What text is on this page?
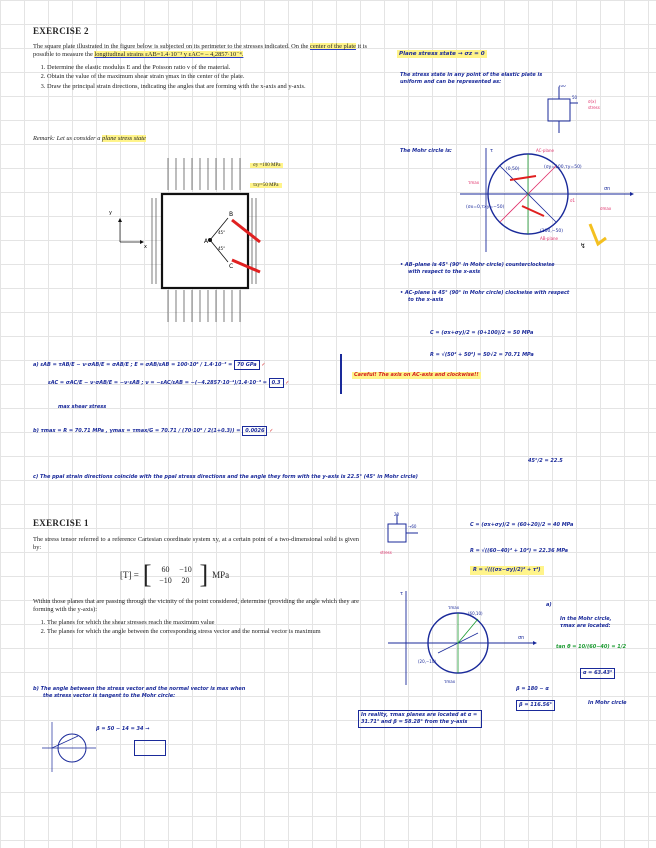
EXERCISE 2
The square plate illustrated in the figure below is subjected on its perimeter to the stresses indicated. On the center of the plate it is possible to measure the longitudinal strains εAB=1.4·10⁻³ y εAC= – 4,2857·10⁻⁴.
1. Determine the elastic modulus E and the Poisson ratio ν of the material.
2. Obtain the value of the maximum shear strain γmax in the center of the plate.
3. Draw the principal strain directions, indicating the angles that are forming with the x-axis and y-axis.
Remark: Let us consider a plane stress state
A
B
C
45°
45°
x
y
σy =100 MPa
τxy=50 MPa
Plane stress state → σz = 0
The stress state in any point of the elastic plate is
uniform and can be represented as:
50
100
σ(x)
stress
The Mohr circle is:
(0,50)	(σy=100,τy=50)
(σx=0,τxy=−50)
(100,−50)
σn
τ	AC-plane
AB-plane
τmax
σ1
σmax
↯
• AB-plane is 45° (90° in Mohr circle) counterclockwise
with respect to the x-axis
• AC-plane is 45° (90° in Mohr circle) clockwise with respect
to the x-axis
C = (σx+σy)/2 = (0+100)/2 = 50 MPa
R = √(50² + 50²) = 50√2 = 70.71 MPa
a) εAB = τAB/E − ν·σAB/E = σAB/E ; E = σAB/εAB = 100·10⁶ / 1.4·10⁻³ = 70 GPa ✓
εAC = σAC/E − ν·σAB/E = −ν·εAB ; ν = −εAC/εAB = −(−4.2857·10⁻⁴)/1.4·10⁻³ = 0.3 ✓
Careful! The axis on AC-axis and clockwise!!
max shear stress
b) τmax = R = 70.71 MPa , γmax = τmax/G = 70.71 / (70·10⁹ / 2(1+0.3)) = 0.0026 ✓
45°/2 = 22.5
c) The ppal strain directions coincide with the ppal stress directions and the angle they form with the y-axis is 22.5° (45° in Mohr circle)
EXERCISE 1
The stress tensor referred to a reference Cartesian coordinate system xy, at a certain point of a two-dimensional solid is given by:
[T] = [	60	−10
−10	20 ] MPa
Within those planes that are passing through the vicinity of the point considered, determine (providing the angle which they are forming with the y-axis):
1. The planes for which the shear stresses reach the maximum value
2. The planes for which the angle between the corresponding stress vector and the normal vector is maximum
→60
20
stress
C = (σx+σy)/2 = (60+20)/2 = 40 MPa
R = √((60−40)² + 10²) = 22.36 MPa
R = √(((σx−σy)/2)² + τ²)
(60,10)
(20,−10)
τmax
τmax
σn
τ
a)
In the Mohr circle,
τmax are located:
tan θ = 10/(60−40) = 1/2
α = 63.43°
β = 180 − α
β = 116.56°	In Mohr circle
In reality, τmax planes are located at α = 31.71° and β = 58.28° from the y-axis
b) The angle between the stress vector and the normal vector is max when
the stress vector is tangent to the Mohr circle:
β = 50 − 14 = 34 →
